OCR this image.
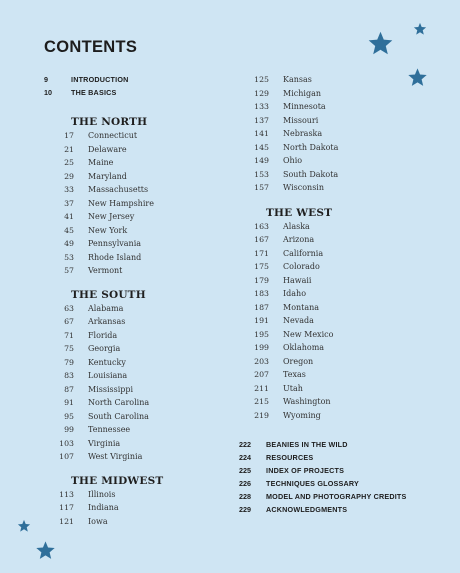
CONTENTS
9	INTRODUCTION
10	THE BASICS
THE NORTH
17	Connecticut
21	Delaware
25	Maine
29	Maryland
33	Massachusetts
37	New Hampshire
41	New Jersey
45	New York
49	Pennsylvania
53	Rhode Island
57	Vermont
THE SOUTH
63	Alabama
67	Arkansas
71	Florida
75	Georgia
79	Kentucky
83	Louisiana
87	Mississippi
91	North Carolina
95	South Carolina
99	Tennessee
103	Virginia
107	West Virginia
THE MIDWEST
113	Illinois
117	Indiana
121	Iowa
125	Kansas
129	Michigan
133	Minnesota
137	Missouri
141	Nebraska
145	North Dakota
149	Ohio
153	South Dakota
157	Wisconsin
THE WEST
163	Alaska
167	Arizona
171	California
175	Colorado
179	Hawaii
183	Idaho
187	Montana
191	Nevada
195	New Mexico
199	Oklahoma
203	Oregon
207	Texas
211	Utah
215	Washington
219	Wyoming
222	BEANIES IN THE WILD
224	RESOURCES
225	INDEX OF PROJECTS
226	TECHNIQUES GLOSSARY
228	MODEL AND PHOTOGRAPHY CREDITS
229	ACKNOWLEDGMENTS
